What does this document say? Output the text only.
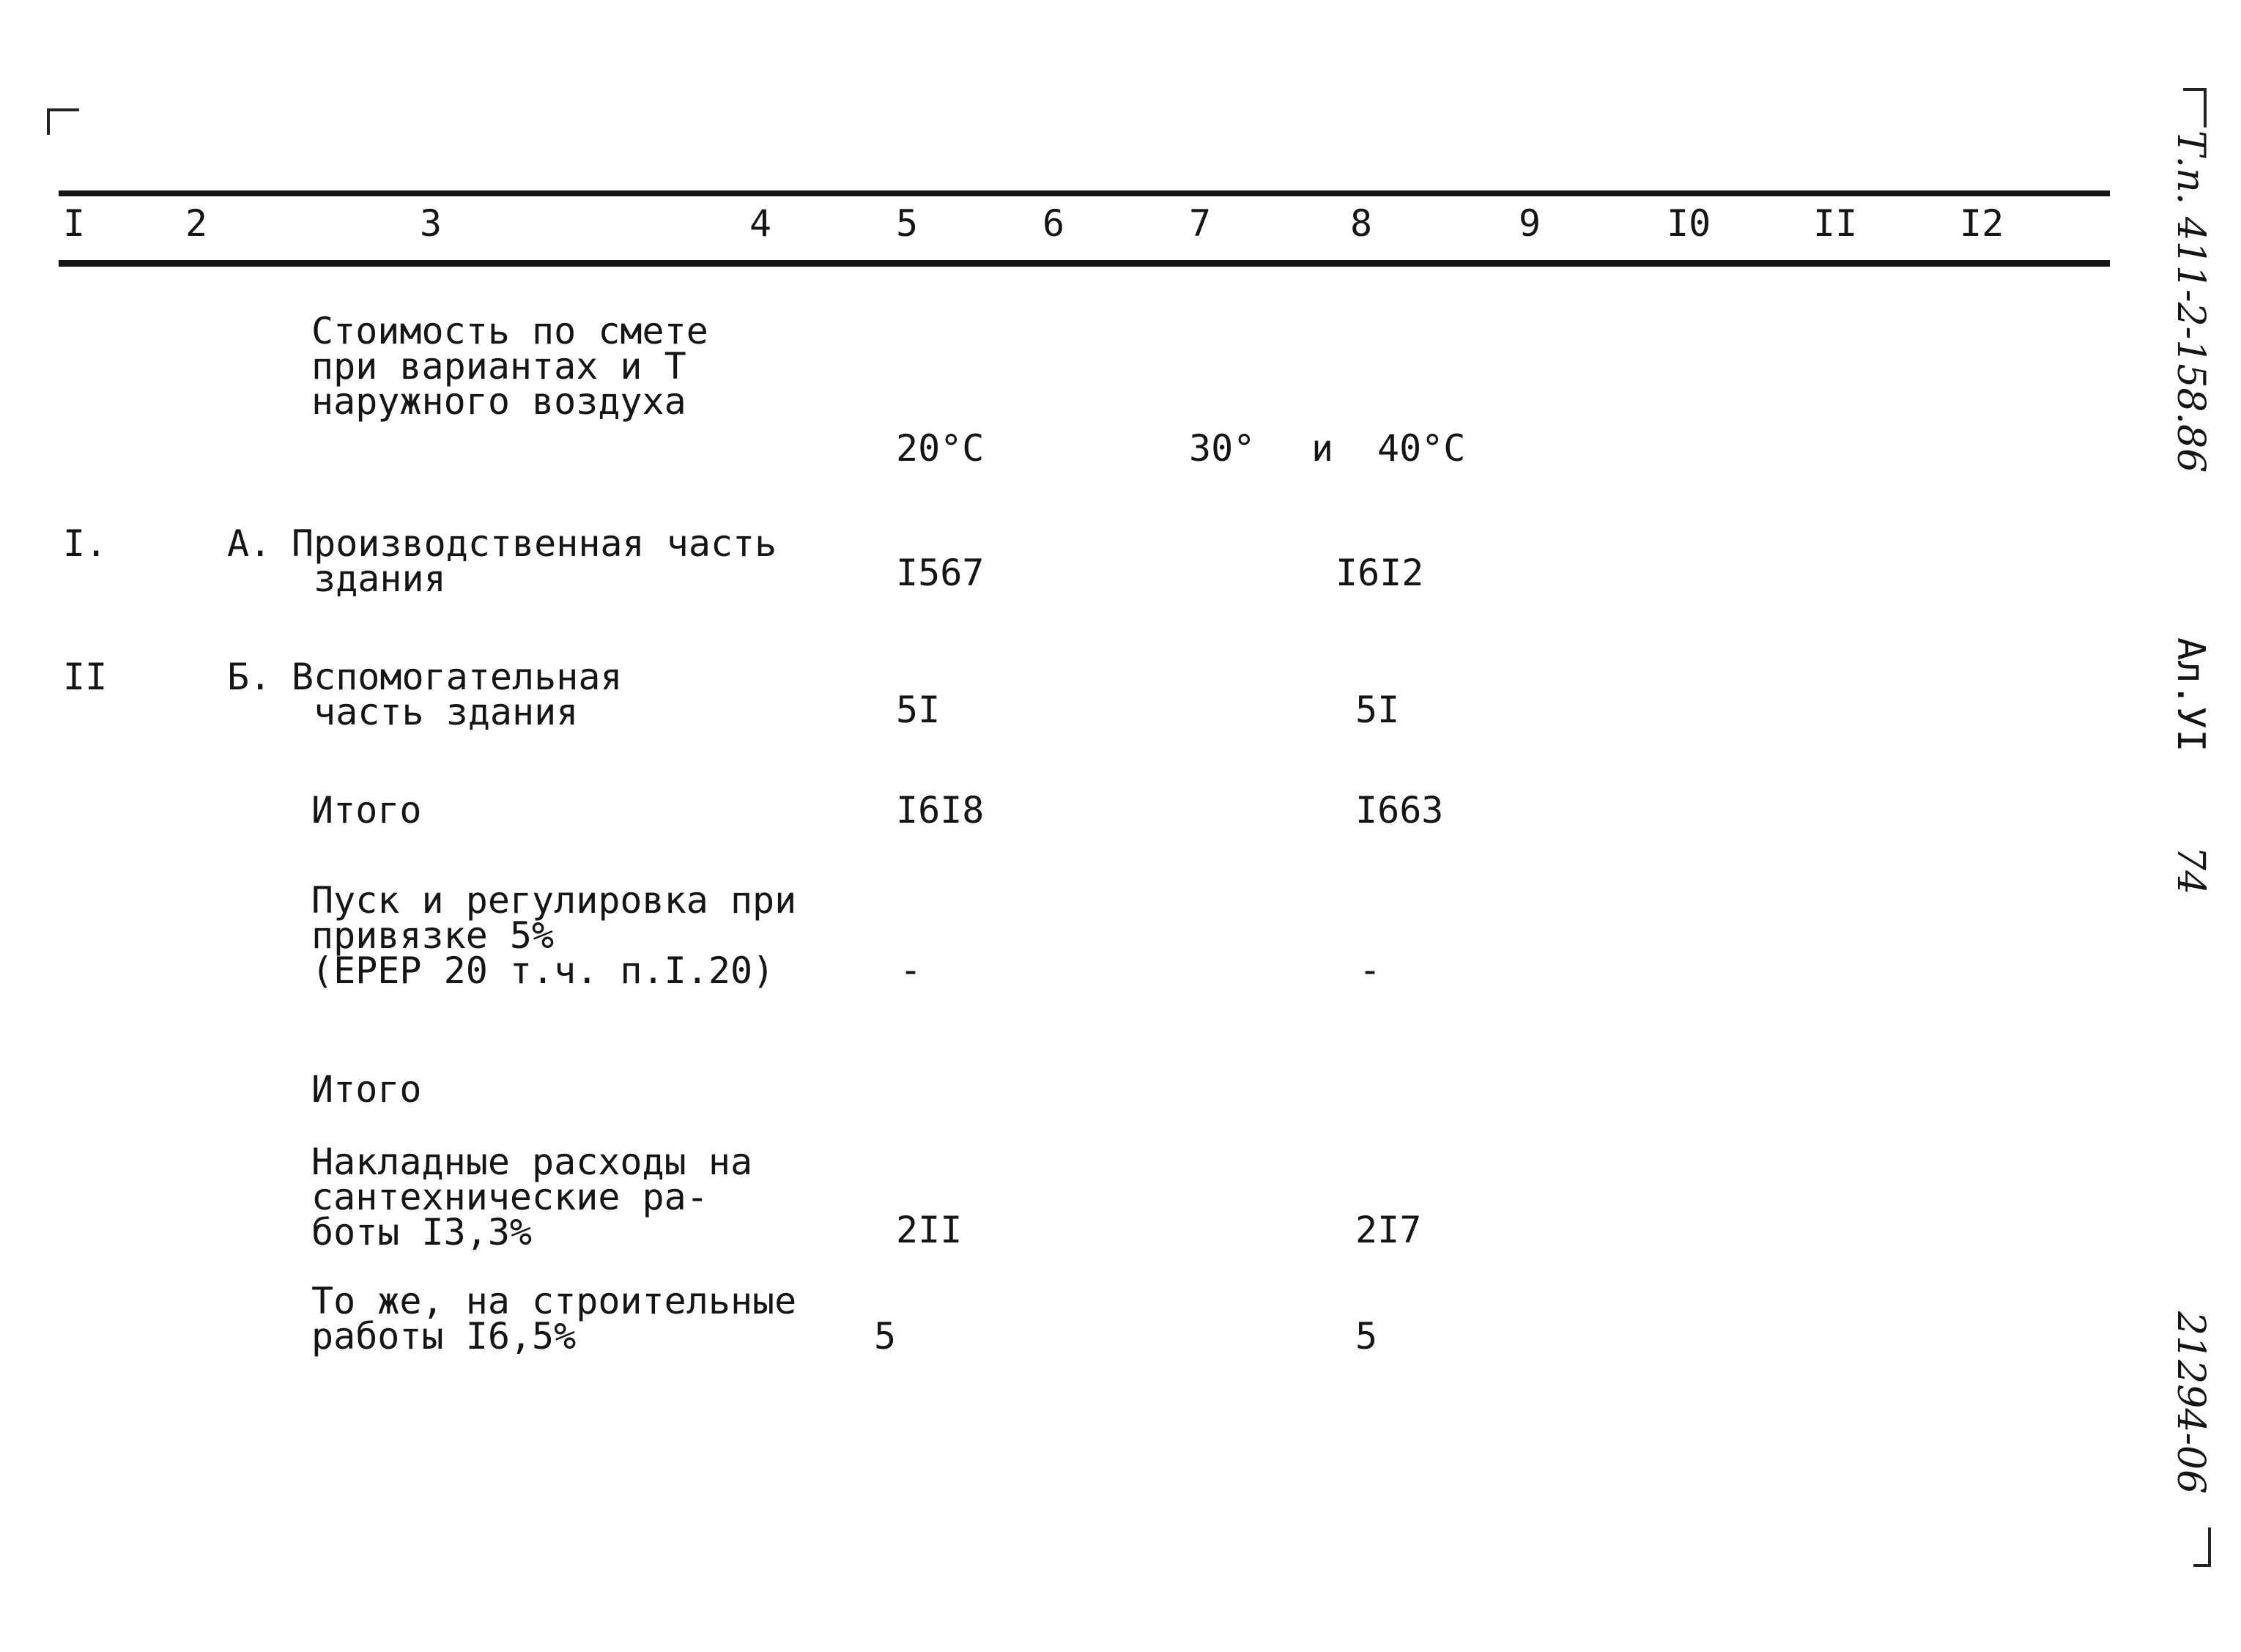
I	2	3	4	5	6	7	8	9	I0	II	I2
Стоимость по смете
при вариантах и Т
наружного воздуха
20°С	30° и 40°С
I.	А. Производственная часть
здания	I567	I6I2
II	Б. Вспомогательная
часть здания	5I	5I
Итого	I6I8	I663
Пуск и регулировка при
привязке 5%
(ЕРЕР 20 т.ч. п.I.20)	-	-
Итого
Накладные расходы на
сантехнические ра-
боты I3,3%	2II	2I7
То же, на строительные
работы I6,5%	5	5
Т.п. 411-2-158.86
Ал.УI
74
21294-06
